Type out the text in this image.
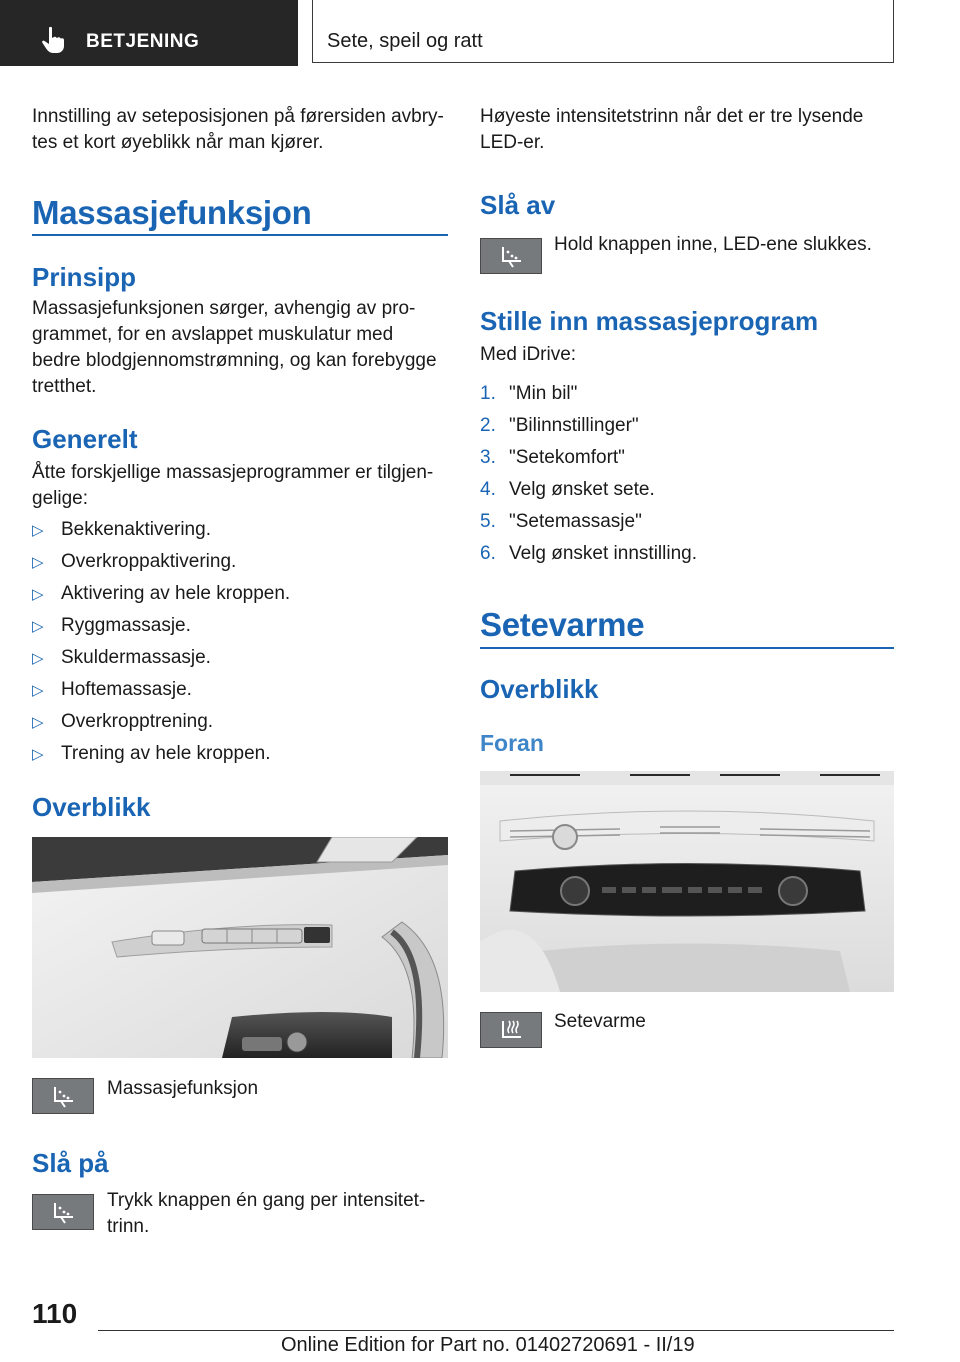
BETJENING	Sete, speil og ratt

Innstilling av seteposisjonen på førersiden avbry-

tes et kort øyeblikk når man kjører.

Massasjefunksjon
Prinsipp

Massasjefunksjonen sørger, avhengig av pro-

grammet, for en avslappet muskulatur med

bedre blodgjennomstrømning, og kan forebygge

tretthet.

Generelt

Åtte forskjellige massasjeprogrammer er tilgjen-

gelige:

▷ Bekkenaktivering.
▷ Overkroppaktivering.
▷ Aktivering av hele kroppen.
▷ Ryggmassasje.
▷ Skuldermassasje.
▷ Hoftemassasje.
▷ Overkropptrening.
▷ Trening av hele kroppen.
Overblikk

Massasjefunksjon

Slå på

Trykk knappen én gang per intensitet-

trinn.

Høyeste intensitetstrinn når det er tre lysende

LED-er.

Slå av

Hold knappen inne, LED-ene slukkes.

Stille inn massasjeprogram

Med iDrive:

1. "Min bil"
2. "Bilinnstillinger"
3. "Setekomfort"
4. Velg ønsket sete.
5. "Setemassasje"
6. Velg ønsket innstilling.
Setevarme
Overblikk
Foran

Setevarme

110
Online Edition for Part no. 01402720691 - II/19
